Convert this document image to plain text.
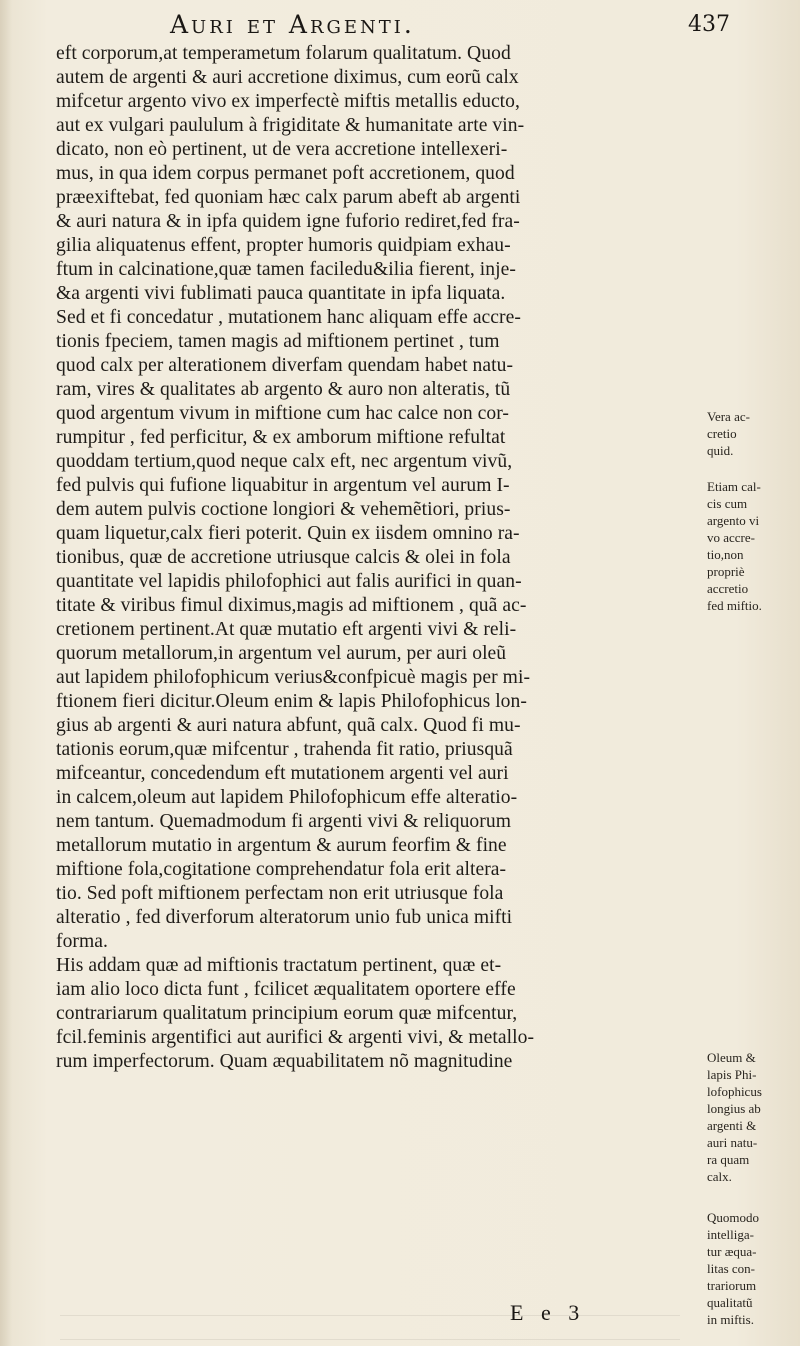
Auri et Argenti.	437
eft corporum,at temperametum folarum qualitatum. Quod
autem de argenti & auri accretione diximus, cum eorũ calx
mifcetur argento vivo ex imperfectè miftis metallis educto,
aut ex vulgari paululum à frigiditate & humanitate arte vin-
dicato, non eò pertinent, ut de vera accretione intellexeri-
mus, in qua idem corpus permanet poft accretionem, quod
præexiftebat, fed quoniam hæc calx parum abeft ab argenti
& auri natura & in ipfa quidem igne fuforio rediret,fed fra-
gilia aliquatenus effent, propter humoris quidpiam exhau-
ftum in calcinatione,quæ tamen faciledu&ilia fierent, inje-
&a argenti vivi fublimati pauca quantitate in ipfa liquata.
Sed et fi concedatur , mutationem hanc aliquam effe accre-
tionis fpeciem, tamen magis ad miftionem pertinet , tum
quod calx per alterationem diverfam quendam habet natu-
ram, vires & qualitates ab argento & auro non alteratis, tũ
quod argentum vivum in miftione cum hac calce non cor-
rumpitur , fed perficitur, & ex amborum miftione refultat
quoddam tertium,quod neque calx eft, nec argentum vivũ,
fed pulvis qui fufione liquabitur in argentum vel aurum I-
dem autem pulvis coctione longiori & vehemẽtiori, prius-
quam liquetur,calx fieri poterit. Quin ex iisdem omnino ra-
tionibus, quæ de accretione utriusque calcis & olei in fola
quantitate vel lapidis philofophici aut falis aurifici in quan-
titate & viribus fimul diximus,magis ad miftionem , quã ac-
cretionem pertinent.At quæ mutatio eft argenti vivi & reli-
quorum metallorum,in argentum vel aurum, per auri oleũ
aut lapidem philofophicum verius&confpicuè magis per mi-
ftionem fieri dicitur.Oleum enim & lapis Philofophicus lon-
gius ab argenti & auri natura abfunt, quã calx. Quod fi mu-
tationis eorum,quæ mifcentur , trahenda fit ratio, priusquã
mifceantur, concedendum eft mutationem argenti vel auri
in calcem,oleum aut lapidem Philofophicum effe alteratio-
nem tantum. Quemadmodum fi argenti vivi & reliquorum
metallorum mutatio in argentum & aurum feorfim & fine
miftione fola,cogitatione comprehendatur fola erit altera-
tio. Sed poft miftionem perfectam non erit utriusque fola
alteratio , fed diverforum alteratorum unio fub unica mifti
forma.
His addam quæ ad miftionis tractatum pertinent, quæ et-
iam alio loco dicta funt , fcilicet æqualitatem oportere effe
contrariarum qualitatum principium eorum quæ mifcentur,
fcil.feminis argentifici aut aurifici & argenti vivi, & metallo-
rum imperfectorum. Quam æquabilitatem nõ magnitudine
Vera ac-
cretio
quid.
Etiam cal-
cis cum
argento vi
vo accre-
tio,non
propriè
accretio
fed miftio.
Oleum &
lapis Phi-
lofophicus
longius ab
argenti &
auri natu-
ra quam
calx.
Quomodo
intelliga-
tur æqua-
litas con-
trariorum
qualitatũ
in miftis.
E e 3
